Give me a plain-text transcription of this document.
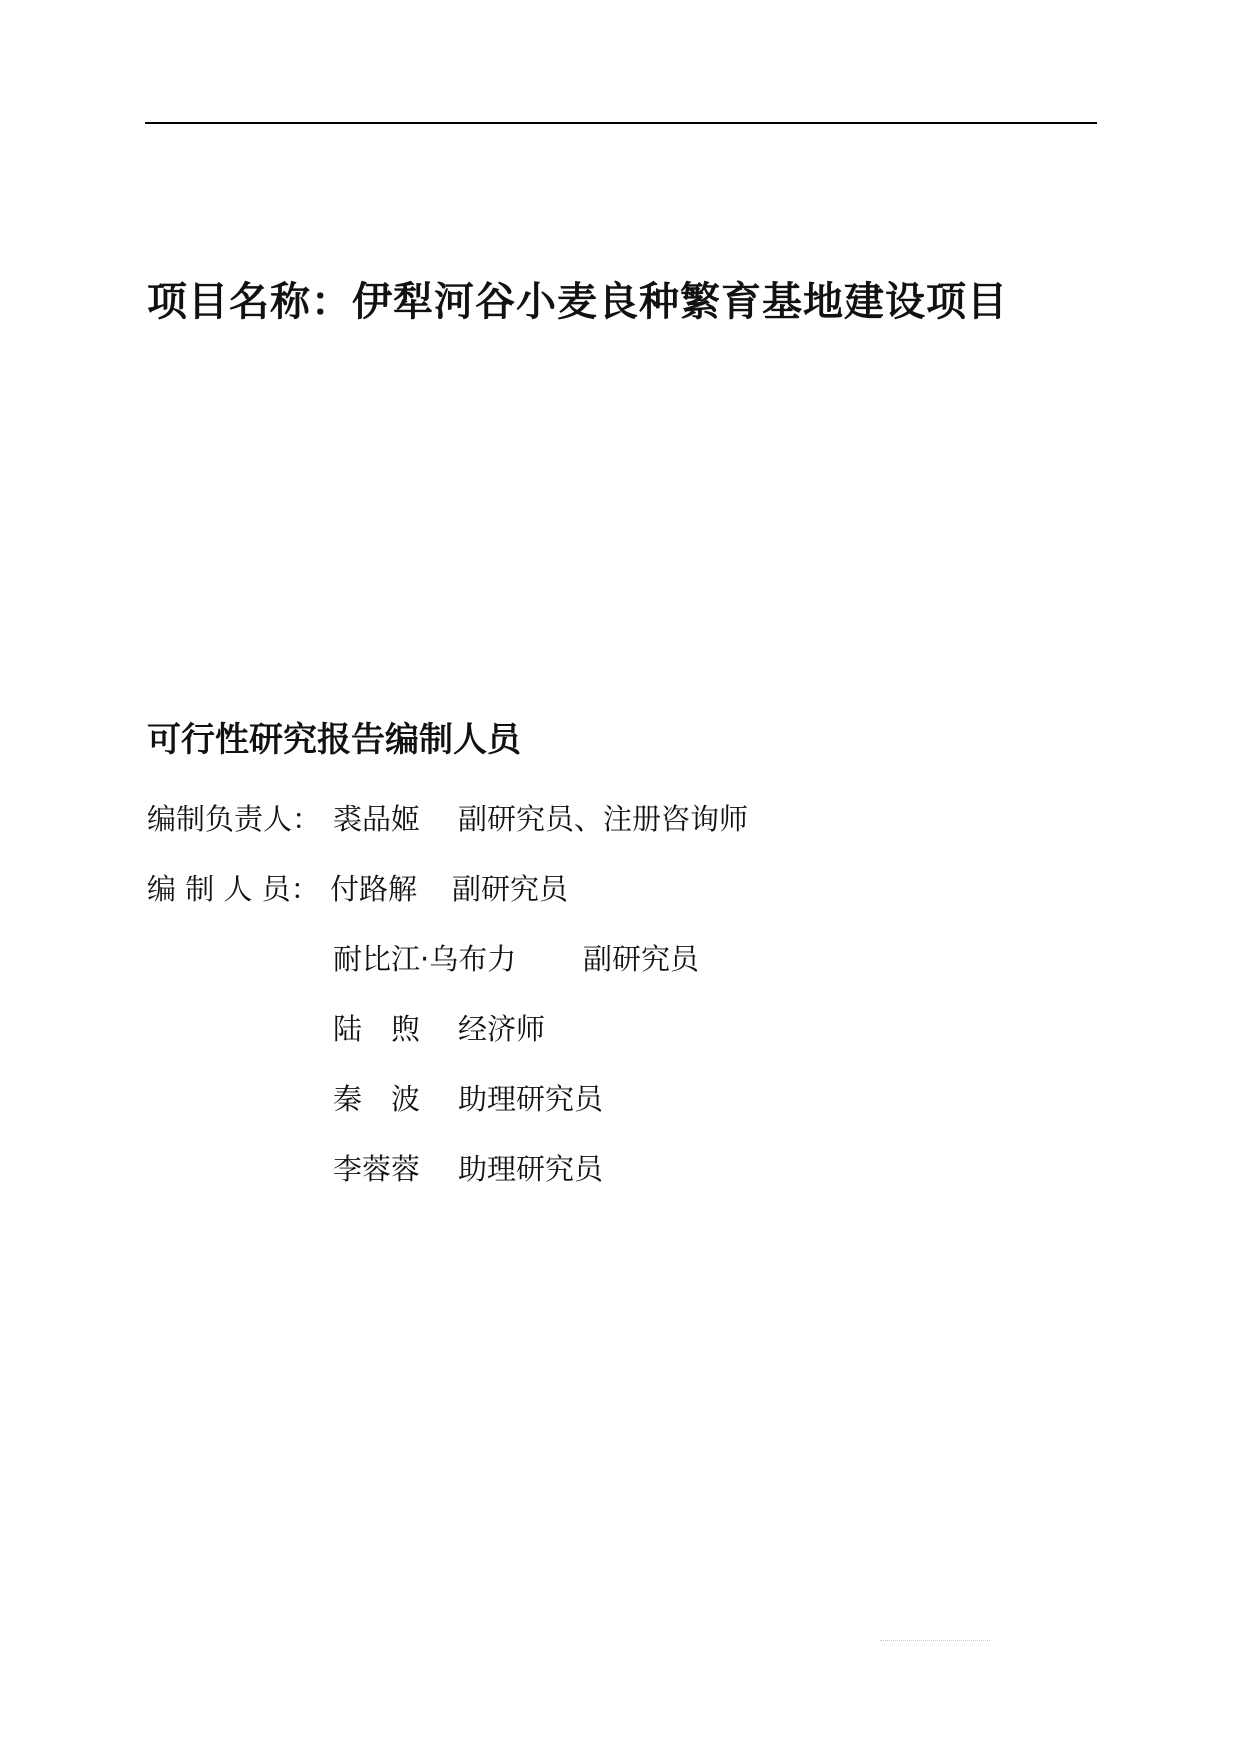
项目名称：伊犁河谷小麦良种繁育基地建设项目
可行性研究报告编制人员
编制负责人： 裘品姬 副研究员、注册咨询师
编 制 人 员： 付路解 副研究员
耐比江·乌布力 副研究员
陆　煦 经济师
秦　波 助理研究员
李蓉蓉 助理研究员
